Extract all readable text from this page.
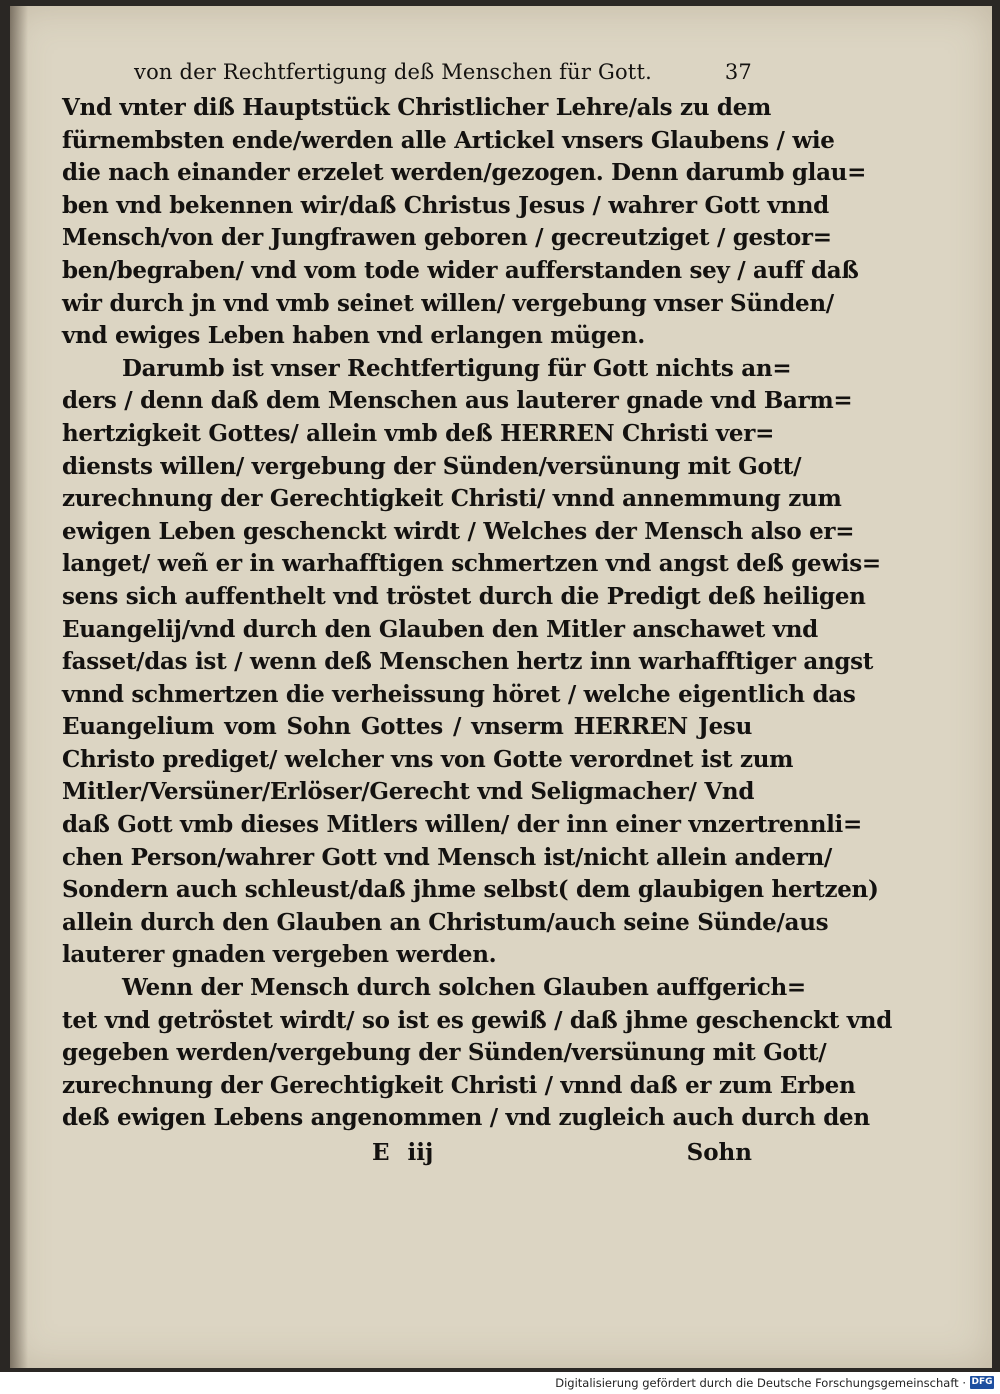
von der Rechtfertigung deß Menschen für Gott.	37
Vnd vnter diß Hauptstück Christlicher Lehre/als zu dem
fürnembsten ende/werden alle Artickel vnsers Glaubens / wie
die nach einander erzelet werden/gezogen. Denn darumb glau=
ben vnd bekennen wir/daß Christus Jesus / wahrer Gott vnnd
Mensch/von der Jungfrawen geboren / gecreutziget / gestor=
ben/begraben/ vnd vom tode wider aufferstanden sey / auff daß
wir durch jn vnd vmb seinet willen/ vergebung vnser Sünden/
vnd ewiges Leben haben vnd erlangen mügen.
Darumb ist vnser Rechtfertigung für Gott nichts an=
ders / denn daß dem Menschen aus lauterer gnade vnd Barm=
hertzigkeit Gottes/ allein vmb deß HERREN Christi ver=
diensts willen/ vergebung der Sünden/versünung mit Gott/
zurechnung der Gerechtigkeit Christi/ vnnd annemmung zum
ewigen Leben geschenckt wirdt / Welches der Mensch also er=
langet/ weñ er in warhafftigen schmertzen vnd angst deß gewis=
sens sich auffenthelt vnd tröstet durch die Predigt deß heiligen
Euangelij/vnd durch den Glauben den Mitler anschawet vnd
fasset/das ist / wenn deß Menschen hertz inn warhafftiger angst
vnnd schmertzen die verheissung höret / welche eigentlich das
Euangelium vom Sohn Gottes / vnserm HERREN Jesu
Christo prediget/ welcher vns von Gotte verordnet ist zum
Mitler/Versüner/Erlöser/Gerecht vnd Seligmacher/ Vnd
daß Gott vmb dieses Mitlers willen/ der inn einer vnzertrennli=
chen Person/wahrer Gott vnd Mensch ist/nicht allein andern/
Sondern auch schleust/daß jhme selbst( dem glaubigen hertzen)
allein durch den Glauben an Christum/auch seine Sünde/aus
lauterer gnaden vergeben werden.
Wenn der Mensch durch solchen Glauben auffgerich=
tet vnd getröstet wirdt/ so ist es gewiß / daß jhme geschenckt vnd
gegeben werden/vergebung der Sünden/versünung mit Gott/
zurechnung der Gerechtigkeit Christi / vnnd daß er zum Erben
deß ewigen Lebens angenommen / vnd zugleich auch durch den
E iij	Sohn
Digitalisierung gefördert durch die Deutsche Forschungsgemeinschaft · DFG
